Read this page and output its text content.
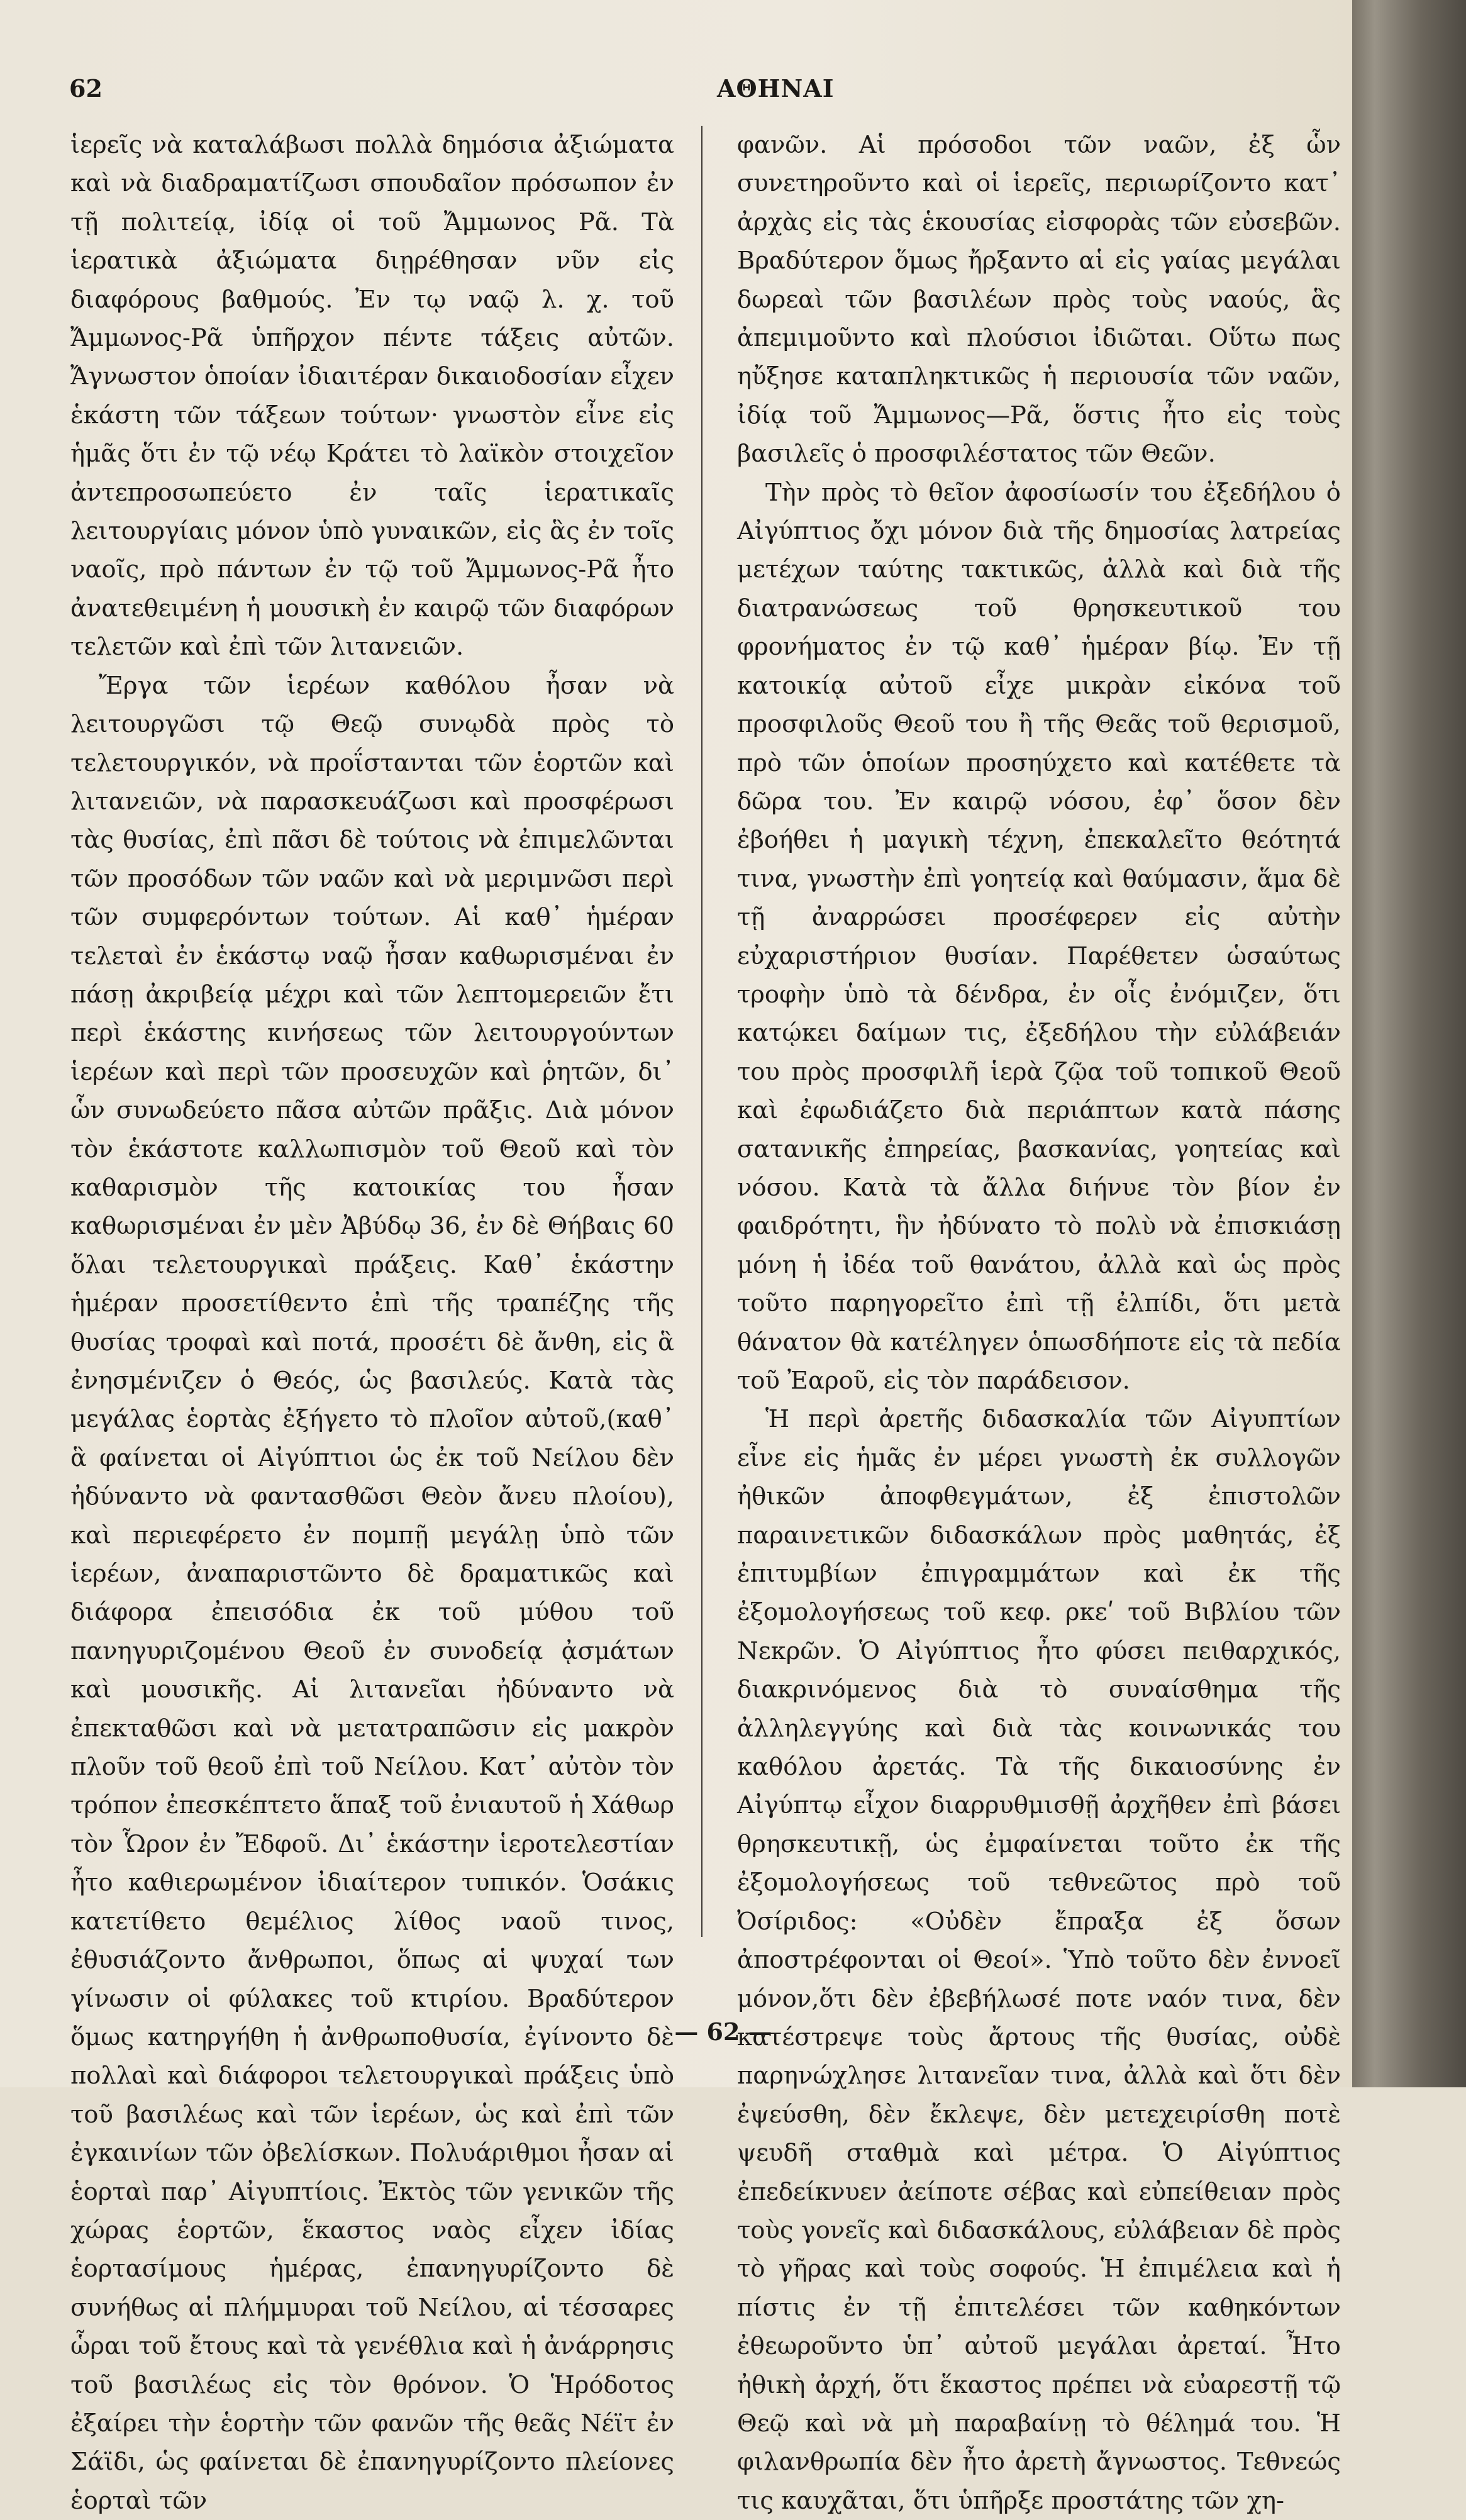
62	ΑΘΗΝΑΙ

ἱερεῖς νὰ καταλάβωσι πολλὰ δημόσια ἀξιώματα καὶ νὰ διαδραματίζωσι σπουδαῖον πρόσωπον ἐν τῇ πολιτείᾳ, ἰδίᾳ οἱ τοῦ Ἄμμωνος Ρᾶ. Τὰ ἱερατικὰ ἀξιώματα διῃρέθησαν νῦν εἰς διαφόρους βαθμούς. Ἐν τῳ ναῷ λ. χ. τοῦ Ἄμμωνος-Ρᾶ ὑπῆρχον πέντε τάξεις αὐτῶν. Ἄγνωστον ὁποίαν ἰδιαιτέραν δικαιοδοσίαν εἶχεν ἑκάστη τῶν τάξεων τούτων· γνωστὸν εἶνε εἰς ἡμᾶς ὅτι ἐν τῷ νέῳ Κράτει τὸ λαϊκὸν στοιχεῖον ἀντεπροσωπεύετο ἐν ταῖς ἱερατικαῖς λειτουργίαις μόνον ὑπὸ γυναικῶν, εἰς ἃς ἐν τοῖς ναοῖς, πρὸ πάντων ἐν τῷ τοῦ Ἄμμωνος-Ρᾶ ἦτο ἀνατεθειμένη ἡ μουσικὴ ἐν καιρῷ τῶν διαφόρων τελετῶν καὶ ἐπὶ τῶν λιτανειῶν.

Ἔργα τῶν ἱερέων καθόλου ἦσαν νὰ λειτουργῶσι τῷ Θεῷ συνῳδὰ πρὸς τὸ τελετουργικόν, νὰ προΐστανται τῶν ἑορτῶν καὶ λιτανειῶν, νὰ παρασκευάζωσι καὶ προσφέρωσι τὰς θυσίας, ἐπὶ πᾶσι δὲ τούτοις νὰ ἐπιμελῶνται τῶν προσόδων τῶν ναῶν καὶ νὰ μεριμνῶσι περὶ τῶν συμφερόντων τούτων. Αἱ καθ᾽ ἡμέραν τελεταὶ ἐν ἑκάστῳ ναῷ ἦσαν καθωρισμέναι ἐν πάσῃ ἀκριβείᾳ μέχρι καὶ τῶν λεπτομερειῶν ἔτι περὶ ἑκάστης κινήσεως τῶν λειτουργούντων ἱερέων καὶ περὶ τῶν προσευχῶν καὶ ῥητῶν, δι᾽ ὧν συνωδεύετο πᾶσα αὐτῶν πρᾶξις. Διὰ μόνον τὸν ἑκάστοτε καλλωπισμὸν τοῦ Θεοῦ καὶ τὸν καθαρισμὸν τῆς κατοικίας του ἦσαν καθωρισμέναι ἐν μὲν Ἀβύδῳ 36, ἐν δὲ Θήβαις 60 ὅλαι τελετουργικαὶ πράξεις. Καθ᾽ ἑκάστην ἡμέραν προσετίθεντο ἐπὶ τῆς τραπέζης τῆς θυσίας τροφαὶ καὶ ποτά, προσέτι δὲ ἄνθη, εἰς ἃ ἐνησμένιζεν ὁ Θεός, ὡς βασιλεύς. Κατὰ τὰς μεγάλας ἑορτὰς ἐξήγετο τὸ πλοῖον αὐτοῦ,(καθ᾽ ἃ φαίνεται οἱ Αἰγύπτιοι ὡς ἐκ τοῦ Νείλου δὲν ἠδύναντο νὰ φαντασθῶσι Θεὸν ἄνευ πλοίου), καὶ περιεφέρετο ἐν πομπῇ μεγάλῃ ὑπὸ τῶν ἱερέων, ἀναπαριστῶντο δὲ δραματικῶς καὶ διάφορα ἐπεισόδια ἐκ τοῦ μύθου τοῦ πανηγυριζομένου Θεοῦ ἐν συνοδείᾳ ᾀσμάτων καὶ μουσικῆς. Αἱ λιτανεῖαι ἠδύναντο νὰ ἐπεκταθῶσι καὶ νὰ μετατραπῶσιν εἰς μακρὸν πλοῦν τοῦ θεοῦ ἐπὶ τοῦ Νείλου. Κατ᾽ αὐτὸν τὸν τρόπον ἐπεσκέπτετο ἅπαξ τοῦ ἐνιαυτοῦ ἡ Χάθωρ τὸν Ὧρον ἐν Ἔδφοῦ. Δι᾽ ἑκάστην ἱεροτελεστίαν ἦτο καθιερωμένον ἰδιαίτερον τυπικόν. Ὁσάκις κατετίθετο θεμέλιος λίθος ναοῦ τινος, ἐθυσιάζοντο ἄνθρωποι, ὅπως αἱ ψυχαί των γίνωσιν οἱ φύλακες τοῦ κτιρίου. Βραδύτερον ὅμως κατηργήθη ἡ ἀνθρωποθυσία, ἐγίνοντο δὲ πολλαὶ καὶ διάφοροι τελετουργικαὶ πράξεις ὑπὸ τοῦ βασιλέως καὶ τῶν ἱερέων, ὡς καὶ ἐπὶ τῶν ἐγκαινίων τῶν ὀβελίσκων. Πολυάριθμοι ἦσαν αἱ ἑορταὶ παρ᾽ Αἰγυπτίοις. Ἐκτὸς τῶν γενικῶν τῆς χώρας ἑορτῶν, ἕκαστος ναὸς εἶχεν ἰδίας ἑορτασίμους ἡμέρας, ἐπανηγυρίζοντο δὲ συνήθως αἱ πλήμμυραι τοῦ Νείλου, αἱ τέσσαρες ὧραι τοῦ ἔτους καὶ τὰ γενέθλια καὶ ἡ ἀνάρρησις τοῦ βασιλέως εἰς τὸν θρόνον. Ὁ Ἡρόδοτος ἐξαίρει τὴν ἑορτὴν τῶν φανῶν τῆς θεᾶς Νέϊτ ἐν Σάϊδι, ὡς φαίνεται δὲ ἐπανηγυρίζοντο πλείονες ἑορταὶ τῶν

φανῶν. Αἱ πρόσοδοι τῶν ναῶν, ἐξ ὧν συνετηροῦντο καὶ οἱ ἱερεῖς, περιωρίζοντο κατ᾽ ἀρχὰς εἰς τὰς ἑκουσίας εἰσφορὰς τῶν εὐσεβῶν. Βραδύτερον ὅμως ἤρξαντο αἱ εἰς γαίας μεγάλαι δωρεαὶ τῶν βασιλέων πρὸς τοὺς ναούς, ἃς ἀπεμιμοῦντο καὶ πλούσιοι ἰδιῶται. Οὕτω πως ηὔξησε καταπληκτικῶς ἡ περιουσία τῶν ναῶν, ἰδίᾳ τοῦ Ἄμμωνος—Ρᾶ, ὅστις ἦτο εἰς τοὺς βασιλεῖς ὁ προσφιλέστατος τῶν Θεῶν.

Τὴν πρὸς τὸ θεῖον ἀφοσίωσίν του ἐξεδήλου ὁ Αἰγύπτιος ὄχι μόνον διὰ τῆς δημοσίας λατρείας μετέχων ταύτης τακτικῶς, ἀλλὰ καὶ διὰ τῆς διατρανώσεως τοῦ θρησκευτικοῦ του φρονήματος ἐν τῷ καθ᾽ ἡμέραν βίῳ. Ἐν τῇ κατοικίᾳ αὐτοῦ εἶχε μικρὰν εἰκόνα τοῦ προσφιλοῦς Θεοῦ του ἢ τῆς Θεᾶς τοῦ θερισμοῦ, πρὸ τῶν ὁποίων προσηύχετο καὶ κατέθετε τὰ δῶρα του. Ἐν καιρῷ νόσου, ἐφ᾽ ὅσον δὲν ἐβοήθει ἡ μαγικὴ τέχνη, ἐπεκαλεῖτο θεότητά τινα, γνωστὴν ἐπὶ γοητείᾳ καὶ θαύμασιν, ἅμα δὲ τῇ ἀναρρώσει προσέφερεν εἰς αὐτὴν εὐχαριστήριον θυσίαν. Παρέθετεν ὡσαύτως τροφὴν ὑπὸ τὰ δένδρα, ἐν οἷς ἐνόμιζεν, ὅτι κατῴκει δαίμων τις, ἐξεδήλου τὴν εὐλάβειάν του πρὸς προσφιλῆ ἱερὰ ζῷα τοῦ τοπικοῦ Θεοῦ καὶ ἐφωδιάζετο διὰ περιάπτων κατὰ πάσης σατανικῆς ἐπηρείας, βασκανίας, γοητείας καὶ νόσου. Κατὰ τὰ ἄλλα διήνυε τὸν βίον ἐν φαιδρότητι, ἣν ἠδύνατο τὸ πολὺ νὰ ἐπισκιάσῃ μόνη ἡ ἰδέα τοῦ θανάτου, ἀλλὰ καὶ ὡς πρὸς τοῦτο παρηγορεῖτο ἐπὶ τῇ ἐλπίδι, ὅτι μετὰ θάνατον θὰ κατέληγεν ὁπωσδήποτε εἰς τὰ πεδία τοῦ Ἐαροῦ, εἰς τὸν παράδεισον.

Ἡ περὶ ἀρετῆς διδασκαλία τῶν Αἰγυπτίων εἶνε εἰς ἡμᾶς ἐν μέρει γνωστὴ ἐκ συλλογῶν ἠθικῶν ἀποφθεγμάτων, ἐξ ἐπιστολῶν παραινετικῶν διδασκάλων πρὸς μαθητάς, ἐξ ἐπιτυμβίων ἐπιγραμμάτων καὶ ἐκ τῆς ἐξομολογήσεως τοῦ κεφ. ρκεʹ τοῦ Βιβλίου τῶν Νεκρῶν. Ὁ Αἰγύπτιος ἦτο φύσει πειθαρχικός, διακρινόμενος διὰ τὸ συναίσθημα τῆς ἀλληλεγγύης καὶ διὰ τὰς κοινωνικάς του καθόλου ἀρετάς. Τὰ τῆς δικαιοσύνης ἐν Αἰγύπτῳ εἶχον διαρρυθμισθῇ ἀρχῆθεν ἐπὶ βάσει θρησκευτικῇ, ὡς ἐμφαίνεται τοῦτο ἐκ τῆς ἐξομολογήσεως τοῦ τεθνεῶτος πρὸ τοῦ Ὀσίριδος: «Οὐδὲν ἔπραξα ἐξ ὅσων ἀποστρέφονται οἱ Θεοί». Ὑπὸ τοῦτο δὲν ἐννοεῖ μόνον,ὅτι δὲν ἐβεβήλωσέ ποτε ναόν τινα, δὲν κατέστρεψε τοὺς ἄρτους τῆς θυσίας, οὐδὲ παρηνώχλησε λιτανεῖαν τινα, ἀλλὰ καὶ ὅτι δὲν ἐψεύσθη, δὲν ἔκλεψε, δὲν μετεχειρίσθη ποτὲ ψευδῆ σταθμὰ καὶ μέτρα. Ὁ Αἰγύπτιος ἐπεδείκνυεν ἀείποτε σέβας καὶ εὐπείθειαν πρὸς τοὺς γονεῖς καὶ διδασκάλους, εὐλάβειαν δὲ πρὸς τὸ γῆρας καὶ τοὺς σοφούς. Ἡ ἐπιμέλεια καὶ ἡ πίστις ἐν τῇ ἐπιτελέσει τῶν καθηκόντων ἐθεωροῦντο ὑπ᾽ αὐτοῦ μεγάλαι ἀρεταί. Ἦτο ἠθικὴ ἀρχή, ὅτι ἕκαστος πρέπει νὰ εὐαρεστῇ τῷ Θεῷ καὶ νὰ μὴ παραβαίνῃ τὸ θέλημά του. Ἡ φιλανθρωπία δὲν ἦτο ἀρετὴ ἄγνωστος. Τεθνεώς τις καυχᾶται, ὅτι ὑπῆρξε προστάτης τῶν χη-

— 62 —
